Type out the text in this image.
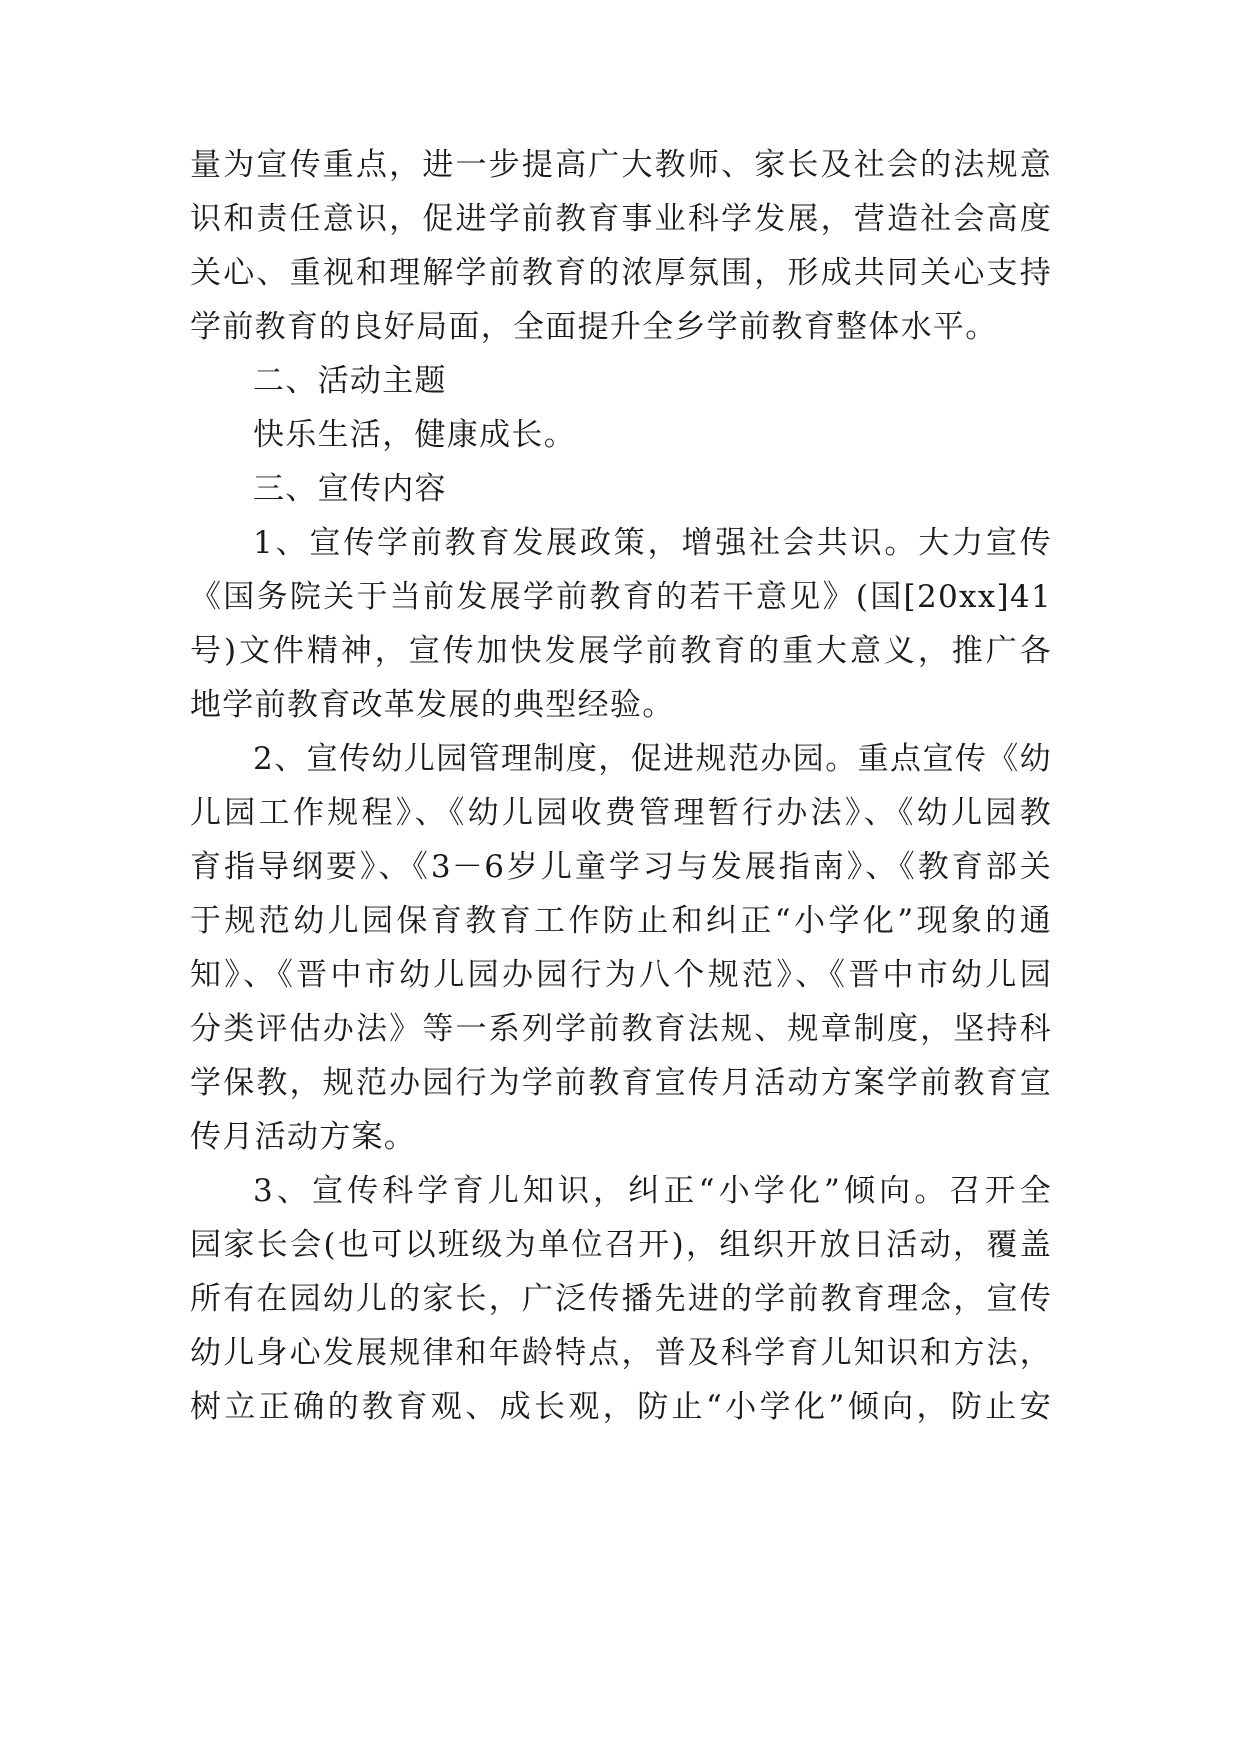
量为宣传重点，进一步提高广大教师、家长及社会的法规意
识和责任意识，促进学前教育事业科学发展，营造社会高度
关心、重视和理解学前教育的浓厚氛围，形成共同关心支持
学前教育的良好局面，全面提升全乡学前教育整体水平。
二、活动主题
快乐生活，健康成长。
三、宣传内容
1、宣传学前教育发展政策，增强社会共识。大力宣传
《国务院关于当前发展学前教育的若干意见》(国[20xx]41
号)文件精神，宣传加快发展学前教育的重大意义，推广各
地学前教育改革发展的典型经验。
2、宣传幼儿园管理制度，促进规范办园。重点宣传《幼
儿园工作规程》、《幼儿园收费管理暂行办法》、《幼儿园教
育指导纲要》、《3－6岁儿童学习与发展指南》、《教育部关
于规范幼儿园保育教育工作防止和纠正“小学化”现象的通
知》、《晋中市幼儿园办园行为八个规范》、《晋中市幼儿园
分类评估办法》等一系列学前教育法规、规章制度，坚持科
学保教，规范办园行为学前教育宣传月活动方案学前教育宣
传月活动方案。
3、宣传科学育儿知识，纠正“小学化”倾向。召开全
园家长会(也可以班级为单位召开)，组织开放日活动，覆盖
所有在园幼儿的家长，广泛传播先进的学前教育理念，宣传
幼儿身心发展规律和年龄特点，普及科学育儿知识和方法，
树立正确的教育观、成长观，防止“小学化”倾向，防止安
